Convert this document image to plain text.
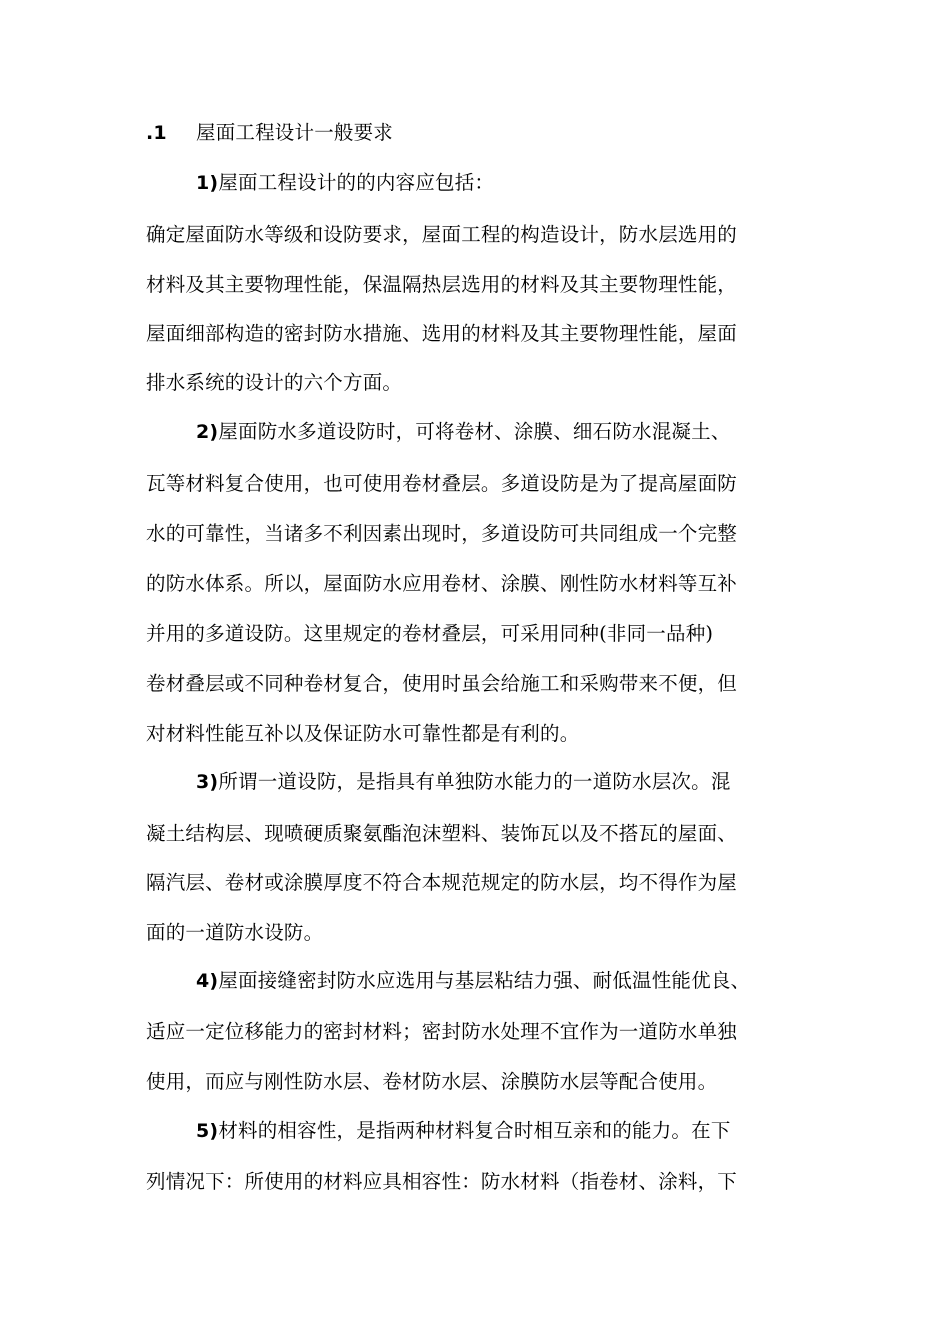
.1 屋面工程设计一般要求
1)屋面工程设计的的内容应包括：
确定屋面防水等级和设防要求，屋面工程的构造设计，防水层选用的
材料及其主要物理性能，保温隔热层选用的材料及其主要物理性能，
屋面细部构造的密封防水措施、选用的材料及其主要物理性能，屋面
排水系统的设计的六个方面。
2)屋面防水多道设防时，可将卷材、涂膜、细石防水混凝土、
瓦等材料复合使用，也可使用卷材叠层。多道设防是为了提高屋面防
水的可靠性，当诸多不利因素出现时，多道设防可共同组成一个完整
的防水体系。所以，屋面防水应用卷材、涂膜、刚性防水材料等互补
并用的多道设防。这里规定的卷材叠层，可采用同种(非同一品种)
卷材叠层或不同种卷材复合，使用时虽会给施工和采购带来不便，但
对材料性能互补以及保证防水可靠性都是有利的。
3)所谓一道设防，是指具有单独防水能力的一道防水层次。混
凝土结构层、现喷硬质聚氨酯泡沫塑料、装饰瓦以及不搭瓦的屋面、
隔汽层、卷材或涂膜厚度不符合本规范规定的防水层，均不得作为屋
面的一道防水设防。
4)屋面接缝密封防水应选用与基层粘结力强、耐低温性能优良、
适应一定位移能力的密封材料；密封防水处理不宜作为一道防水单独
使用，而应与刚性防水层、卷材防水层、涂膜防水层等配合使用。
5)材料的相容性，是指两种材料复合时相互亲和的能力。在下
列情况下：所使用的材料应具相容性：防水材料（指卷材、涂料，下
